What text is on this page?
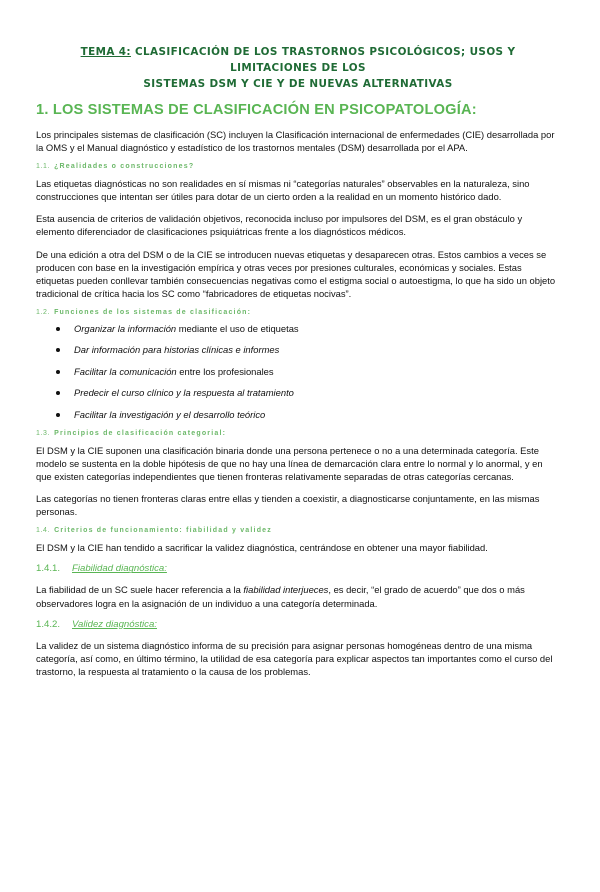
TEMA 4: CLASIFICACIÓN DE LOS TRASTORNOS PSICOLÓGICOS; USOS Y LIMITACIONES DE LOS
SISTEMAS DSM Y CIE Y DE NUEVAS ALTERNATIVAS
1. LOS SISTEMAS DE CLASIFICACIÓN EN PSICOPATOLOGÍA:

Los principales sistemas de clasificación (SC) incluyen la Clasificación internacional de enfermedades (CIE) desarrollada por la OMS y el Manual diagnóstico y estadístico de los trastornos mentales (DSM) desarrollada por el APA.

1.1. ¿Realidades o construcciones?

Las etiquetas diagnósticas no son realidades en sí mismas ni “categorías naturales” observables en la naturaleza, sino construcciones que intentan ser útiles para dotar de un cierto orden a la realidad en un momento histórico dado.

Esta ausencia de criterios de validación objetivos, reconocida incluso por impulsores del DSM, es el gran obstáculo y elemento diferenciador de clasificaciones psiquiátricas frente a los diagnósticos médicos.

De una edición a otra del DSM o de la CIE se introducen nuevas etiquetas y desaparecen otras. Estos cambios a veces se producen con base en la investigación empírica y otras veces por presiones culturales, económicas y sociales. Estas etiquetas pueden conllevar también consecuencias negativas como el estigma social o autoestigma, lo que ha sido un objeto tradicional de crítica hacia los SC como “fabricadores de etiquetas nocivas”.

1.2. Funciones de los sistemas de clasificación:
Organizar la información mediante el uso de etiquetas
Dar información para historias clínicas e informes
Facilitar la comunicación entre los profesionales
Predecir el curso clínico y la respuesta al tratamiento
Facilitar la investigación y el desarrollo teórico
1.3. Principios de clasificación categorial:

El DSM y la CIE suponen una clasificación binaria donde una persona pertenece o no a una determinada categoría. Este modelo se sustenta en la doble hipótesis de que no hay una línea de demarcación clara entre lo normal y lo anormal, y en que existen categorías independientes que tienen fronteras relativamente separadas de otras categorías cercanas.

Las categorías no tienen fronteras claras entre ellas y tienden a coexistir, a diagnosticarse conjuntamente, en las mismas personas.

1.4. Criterios de funcionamiento: fiabilidad y validez

El DSM y la CIE han tendido a sacrificar la validez diagnóstica, centrándose en obtener una mayor fiabilidad.

1.4.1. Fiabilidad diagnóstica:

La fiabilidad de un SC suele hacer referencia a la fiabilidad interjueces, es decir, “el grado de acuerdo” que dos o más observadores logra en la asignación de un individuo a una categoría determinada.

1.4.2. Validez diagnóstica:

La validez de un sistema diagnóstico informa de su precisión para asignar personas homogéneas dentro de una misma categoría, así como, en último término, la utilidad de esa categoría para explicar aspectos tan importantes como el curso del trastorno, la respuesta al tratamiento o la causa de los problemas.
